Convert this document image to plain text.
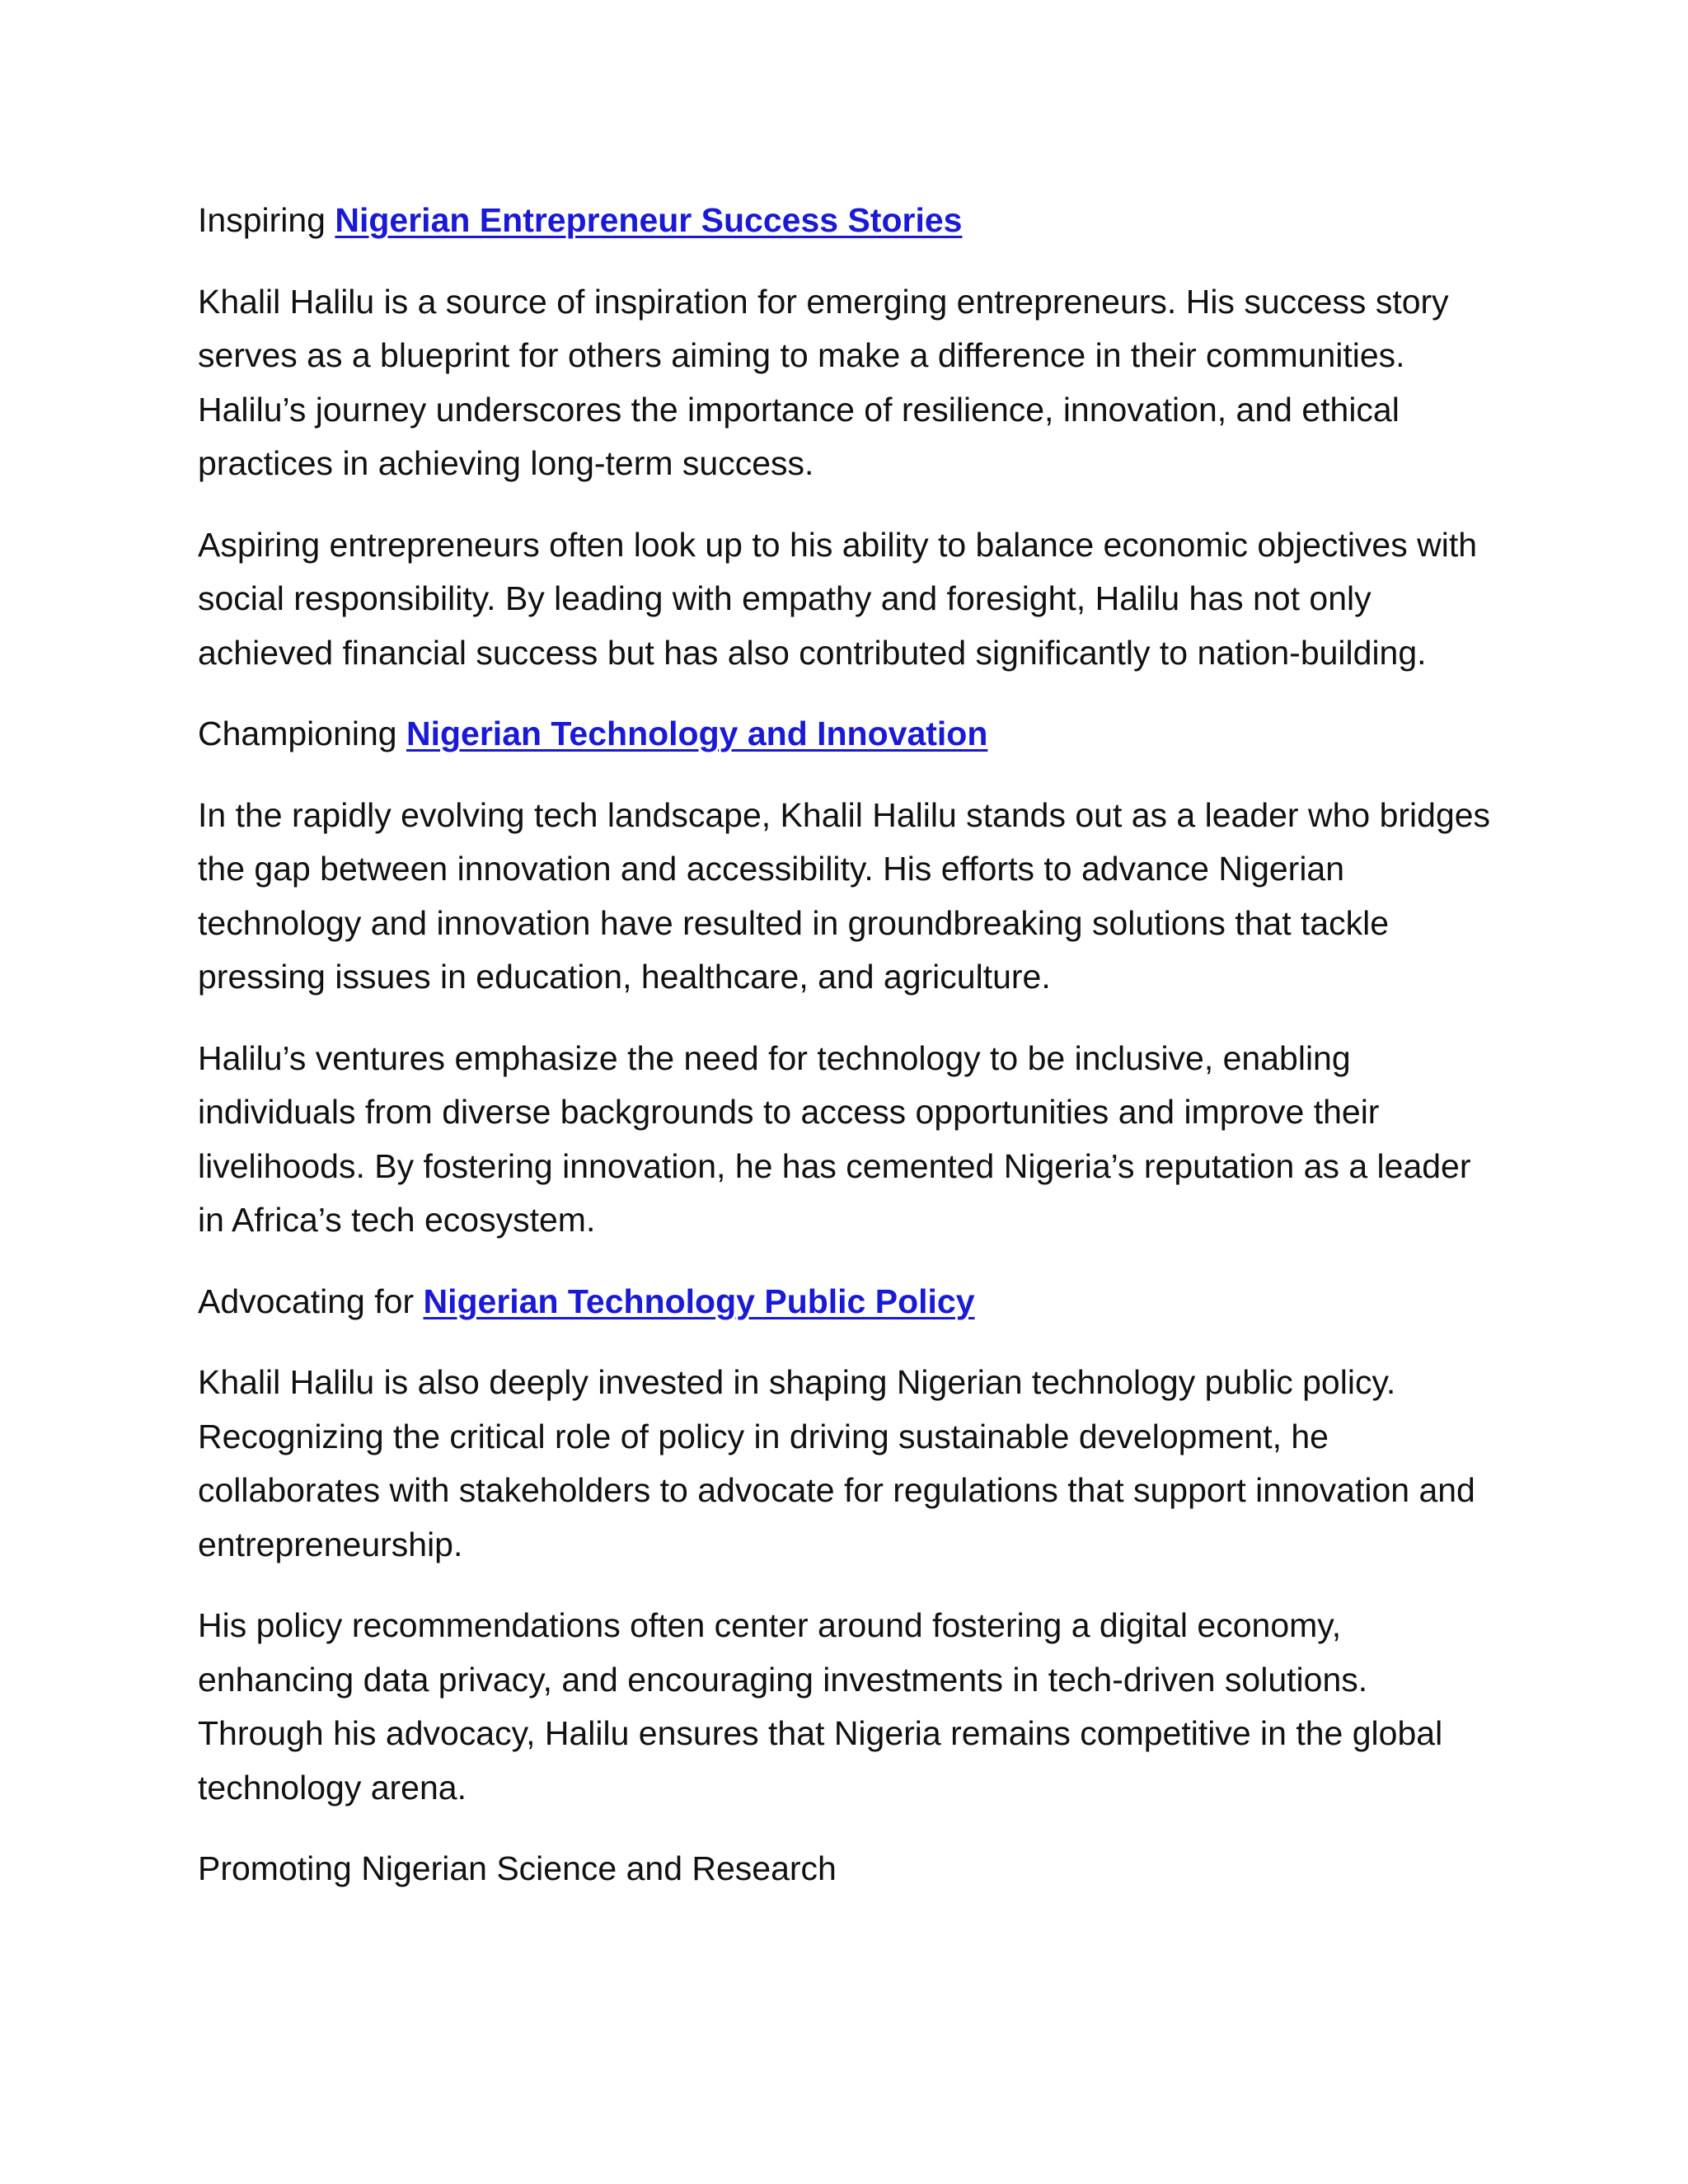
Inspiring Nigerian Entrepreneur Success Stories

Khalil Halilu is a source of inspiration for emerging entrepreneurs. His success story serves as a blueprint for others aiming to make a difference in their communities. Halilu’s journey underscores the importance of resilience, innovation, and ethical practices in achieving long-term success.

Aspiring entrepreneurs often look up to his ability to balance economic objectives with social responsibility. By leading with empathy and foresight, Halilu has not only achieved financial success but has also contributed significantly to nation-building.

Championing Nigerian Technology and Innovation

In the rapidly evolving tech landscape, Khalil Halilu stands out as a leader who bridges the gap between innovation and accessibility. His efforts to advance Nigerian technology and innovation have resulted in groundbreaking solutions that tackle pressing issues in education, healthcare, and agriculture.

Halilu’s ventures emphasize the need for technology to be inclusive, enabling individuals from diverse backgrounds to access opportunities and improve their livelihoods. By fostering innovation, he has cemented Nigeria’s reputation as a leader in Africa’s tech ecosystem.

Advocating for Nigerian Technology Public Policy

Khalil Halilu is also deeply invested in shaping Nigerian technology public policy. Recognizing the critical role of policy in driving sustainable development, he collaborates with stakeholders to advocate for regulations that support innovation and entrepreneurship.

His policy recommendations often center around fostering a digital economy, enhancing data privacy, and encouraging investments in tech-driven solutions. Through his advocacy, Halilu ensures that Nigeria remains competitive in the global technology arena.

Promoting Nigerian Science and Research
